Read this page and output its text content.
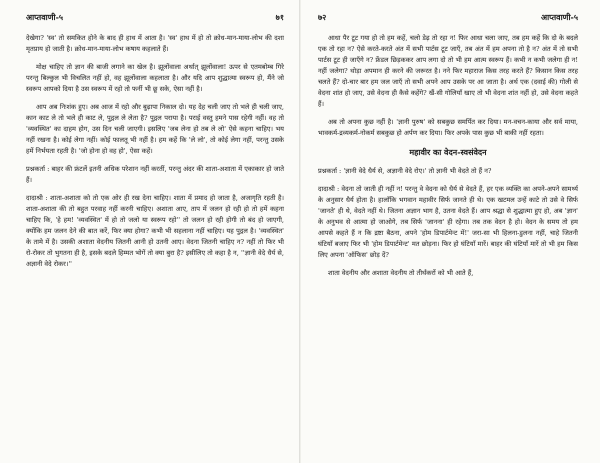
आप्तवाणी-५	७१

देखेगा? 'स्व' तो समकित होने के बाद ही हाथ में आता है। 'स्व' हाथ में हो तो क्रोध-मान-माया-लोभ की दशा मृतप्राय हो जाती है। क्रोध-मान-माया-लोभ कषाय कहलाते हैं।

मोक्ष चाहिए तो ज्ञान की बाजी लगाने का खेल है। झूलोंवाला अर्थात् झूलोंवाला! ऊपर से एतमबोम्ब गिरे परन्तु बिल्कुल भी विचलित नहीं हो, वह झूलोंवाला कहलाता है। और यदि आप शुद्धात्मा स्वरूप हो, मैंने जो स्वरूप आपको दिया है उस स्वरूप में रहो तो फर्नी भी छू सके, ऐसा नहीं है।

आप अब निःशंक हुए। अब आज में रहो और बुढ़ापा निकाल दो। यह देह चली जाए तो भले ही चली जाए, कान काट ले तो भले ही काट ले, पुद्गल ले लेता है? पुद्गल पराया है। पराई वस्तु हमने पास रहेगी नहीं। वह तो 'व्यवस्थित' का दाहम होग, उस दिन चली जाएगी। इसलिए 'जब लेना हो तब ले लो' ऐसे कहना चाहिए। भय नहीं रखना है। कोई लेगा नहीं। कोई फालतू भी नहीं है। हम कहें कि 'ले लो', तो कोई लेगा नहीं, परन्तु उसके हमें निर्भयता रहती है। 'जो होना हो वह हो', ऐसा कहें।

प्रश्नकर्ता : बाहर की फ्रंटलें इतनी अधिक परेशान नहीं करतीं, परन्तु अंदर की शाता-अशाता में एकाकार हो जाते हैं।

दादाश्री : शाता-अशाता को तो एक ओर ही रख देना चाहिए। शाता में प्रमाद हो जाता है, अजागृति रहती है। शाता-अशाता की तो बहुत परवाह नहीं करनी चाहिए। अशाता आए, ताप में जलन हो रही हो तो हमें कहना चाहिए कि, 'हे हम! 'व्यवस्थित' में हो तो जलो या स्वरूप रहो'' तो जलन हो रही होगी तो बंद हो जाएगी, क्योंकि हम जलन देने की बात करें, फिर क्या होगा? कभी भी सहलाना नहीं चाहिए। यह पुद्गल है। 'व्यवस्थित' के तामे में है। उसकी अशाता वेदनीय जितनी आनी हो उतनी आए। वेदना जितनी चाहिए न? नहीं तो फिर भी रो-रोकर तो भुगतना ही है, इसके बदले हिम्मत भोगें तो क्या बुरा है? इसीलिए तो कहा है न, ''ज्ञानी वेदे धैर्य से, अज्ञानी वेदे रोकर।''

७२	आप्तवाणी-५

आधा पैर टूट गया हो तो हम कहें, चलो डेढ़ तो रहा न! फिर आधा चला जाए, तब हम कहें कि दो के बदले एक तो रहा न? ऐसे करते-करते अंत में सभी पार्टस टूट जाएँ, तब अंत में हम अपना तो है न? अंत में तो सभी पार्टस टूट ही जाएँगे न? फ्रेंडल छिड़ककर आप लगा दो तो भी हम आत्म स्वरूप हैं। कभी न कभी जलेगा ही न! नहीं जलेगा? थोड़ा अपमान ही करने की जरूरत है। नने फिर महाराज किस तरह करते हैं? किसान किस तरह चलते हैं? दो-चार बार हम जल जाएँ तो सभी अपने आप उसके पर आ जाता है। अर्थ एक (दवाई की) गोली से वेदना शांत हो जाए, उसे वेदना ही कैसे कहेंगे? खैं-सी गोलियाँ खाए तो भी वेदना शांत नहीं हो, उसे वेदना कहते हैं।

अब तो अपना कुछ नहीं है। 'ज्ञानी पुरुष' को सबकुछ समर्पित कर दिया। मन-वचन-काया और सर्व माया, भावकर्म-द्रव्यकर्म-नोकर्म सबकुछ हो अर्पण कर दिया। फिर अपके पास कुछ भी बाकी नहीं रहता।

महावीर का वेदन-स्वसंवेदन

प्रश्नकर्ता : 'ज्ञानी वेदे धैर्य से, अज्ञानी वेदे रोए।' तो ज्ञानी भी वेदते तो हैं न?

दादाश्री : वेदना तो जाती ही नहीं न! परन्तु वे वेदना को धैर्य से वेदते हैं, हर एक व्यक्ति का अपने-अपने सामर्थ्य के अनुसार धैर्य होता है। हालाँकि भगवान महावीर सिर्फ जानते ही थे। एक खटमल उन्हें काटे तो उसे वे सिर्फ 'जानते' ही थे, वेदते नहीं थे। जितना अज्ञान भाग है, उतना वेदते हैं। आप श्रद्धा से शुद्धात्मा हुए हो, अब 'ज्ञान' के अनुभव से आत्मा हो जाओगे, तब सिर्फ 'जानना' ही रहेगा। तब तक वेदन है हो। वेदन के समय तो हम आपसे कहते हैं न कि द्रष्टा बैठना, अपने 'होम डिपार्टमेन्ट में!' जरा-सा भी हिलना-डुलना नहीं, चाहे जितनी घंटियाँ बजाए फिर भी 'होम डिपार्टमेन्ट' मत छोड़ना। फिर हो घंटियाँ मारें। बाहर की घंटियाँ मारें तो भी हम किस लिए अपना 'ऑफिस' छोड़ दें?

शाता वेदनीय और अशाता वेदनीय तो तीर्थंकरों को भी आते हैं,
